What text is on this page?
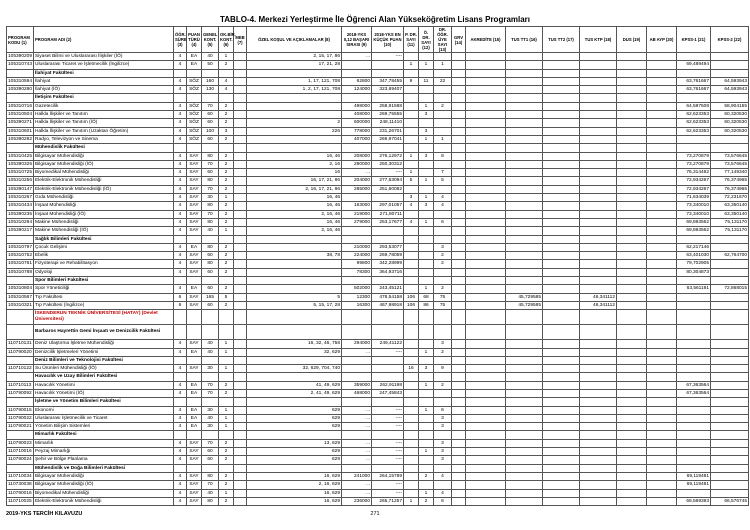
TABLO-4. Merkezi Yerleştirme İle Öğrenci Alan Yükseköğretim Lisans Programları
PROGRAM KODU (1)	PROGRAM ADI (2)	ÖĞR. SÜRE (3)	PUAN TÜRÜ (4)	GENEL KONT. (5)	OK.BİR. KONT. (6)	MEB (7)	ÖZEL KOŞUL VE AÇIKLAMALAR (8)	2018-YKS 0,12 BAŞARI SIRASI (9)	2018-YKS EN KÜÇÜK PUAN (10)	P. DR. SAYI (11)	Ö. DR. SAYI (12)	DR. ÖĞR. ÜYE SAYI (13)	GRV (14)	AKREDİTE (15)	TUS TT1 (16)	TUS TT2 (17)	TUS KTP (18)	DUS (19)	AB AYP (20)	KPSS-1 (21)	KPSS-2 (22)
105390209	Siyaset Bilimi ve Uluslararası İlişkiler (İÖ)	4	EA	40	1		2, 15, 17, 86	...	----												
105310743	Uluslararası Ticaret ve İşletmecilik (İngilizce)	4	EA	50	2		17, 21, 28			1	1	1								69,489494	
	İlahiyat Fakültesi																				
105310594	İlahiyat	4	SÖZ	160	4		1, 17, 121, 708	62800	347,78455	9	11	22								63,761667	64,593943
105390280	İlahiyat (İÖ)	4	SÖZ	130	4		1, 2, 17, 121, 708	124000	323,69407											63,761667	64,593943
	İletişim Fakültesi																				
105310716	Gazetecilik	4	SÖZ	70	2			498000	258,91588		1	2								64,587508	58,904155
105310504	Halkla İlişkiler ve Tanıtım	4	SÖZ	60	2			408000	269,75555		3									62,623353	60,320530
105390271	Halkla İlişkiler ve Tanıtım (İÖ)	4	SÖZ	60	2		2	600000	248,11410											62,623353	60,320530
105310601	Halkla İlişkiler ve Tanıtım (Uzaktan Öğretim)	4	SÖZ	100	3		226	778000	231,26701		3									62,623353	60,320530
105390282	Radyo, Televizyon ve Sinema	4	SÖZ	60	2			407000	269,97041		1	1									
	Mühendislik Fakültesi																				
105310425	Bilgisayar Mühendisliği	4	SAY	80	2		16, 46	208000	276,12972	1	3	8								73,270879	73,576645
105390325	Bilgisayar Mühendisliği (İÖ)	4	SAY	70	2		2, 16	290000	250,30312											73,270879	73,576645
105310725	Biyomedikal Mühendisliği	4	SAY	60	2		16	...	----	1		7								76,314482	77,149340
105310256	Elektrik-Elektronik Mühendisliği	4	SAY	80	2		16, 17, 21, 86	204000	277,63094	5	1	5								72,934267	76,374965
105390147	Elektrik-Elektronik Mühendisliği (İÖ)	4	SAY	70	2		2, 16, 17, 21, 86	285000	251,60082											72,934267	76,374965
105310267	Gıda Mühendisliği	4	SAY	30	1		16, 46			3	1	4								71,634039	72,231670
105310434	İnşaat Mühendisliği	4	SAY	80	2		16, 46	163000	297,01057	4	3	4								73,340010	63,350140
105390235	İnşaat Mühendisliği (İÖ)	4	SAY	70	2		2, 16, 46	219000	271,80711											73,340010	63,350140
105310294	Makine Mühendisliği	4	SAY	80	2		16, 46	279000	253,17677	4	1	6								69,893562	75,131170
105390217	Makine Mühendisliği (İÖ)	4	SAY	40	1		2, 16, 46													69,893562	75,131170
	Sağlık Bilimleri Fakültesi																				
105310797	Çocuk Gelişimi	4	EA	80	2			210000	293,53077			3								62,217146	
105310752	Ebelik	4	SAY	60	2		38, 78	224000	269,78059			2								63,401030	62,764700
105310761	Fizyoterapi ve Rehabilitasyon	4	SAY	80	2			99800	342,28999			2								79,702905	
105310788	Odyoloji	4	SAY	60	2			78300	364,93716											80,304873	
	Spor Bilimleri Fakültesi																				
105310804	Spor Yöneticiliği	4	EA	60	2			502000	243,45121		1	2								63,561191	72,868015
105310567	Tıp Fakültesi	6	SAY	165	5		5	12300	478,54158	106	68	75			45,729585		46,341112				
105310321	Tıp Fakültesi (İngilizce)	6	SAY	60	2		5, 15, 17, 28	16300	467,98918	106	86	75			45,729585		46,341112				
	İSKENDERUN TEKNİK ÜNİVERSİTESİ (HATAY) (Devlet Üniversitesi)																				
	Barbaros Hayrettin Gemi İnşaatı ve Denizcilik Fakültesi																				
110710131	Deniz Ulaştırma İşletme Mühendisliği	4	SAY	40	1		16, 32, 46, 758	294000	249,41122			3									
110790020	Denizcilik İşletmeleri Yönetimi	4	EA	40	1		32, 629	...	----		1	2									
	Deniz Bilimleri ve Teknolojisi Fakültesi																				
110710122	Su Ürünleri Mühendisliği (İÖ)	4	SAY	30	1		32, 629, 704, 740			16	3	9									
	Havacılık ve Uzay Bilimleri Fakültesi																				
110710113	Havacılık Yönetimi	4	EA	70	2		41, 49, 629	359000	262,91198		1	2								67,363564	
110790092	Havacılık Yönetimi (İÖ)	4	EA	70	2		2, 41, 49, 629	468000	247,45843											67,363564	
	İşletme ve Yönetim Bilimleri Fakültesi																				
110790015	Ekonomi	4	EA	30	1		629	...	----		1	6									
110790022	Uluslararası İşletmecilik ve Ticaret	4	EA	40	1		629	...	----			3									
110790021	Yönetim Bilişim Sistemleri	4	EA	30	1		629	...	----			3									
	Mimarlık Fakültesi																				
110790023	Mimarlık	4	SAY	70	2		13, 629	...	----			3									
110710016	Peyzaj Mimarlığı	4	SAY	60	2		629	...	----		1	3									
110790024	Şehir ve Bölge Planlama	4	SAY	60	2		629	...	----			3									
	Mühendislik ve Doğa Bilimleri Fakültesi																				
110710034	Bilgisayar Mühendisliği	4	SAY	80	2		16, 629	241000	264,15789		2	4								69,119481	
110730038	Bilgisayar Mühendisliği (İÖ)	4	SAY	70	2		2, 16, 629	...	----											69,119481	
110790016	Biyomedikal Mühendisliği	4	SAY	40	1		16, 629	...	----		1	4									
110710025	Elektrik-Elektronik Mühendisliği	4	SAY	80	2		16, 629	236000	265,71257	1	2	6								69,569393	66,576745
2019-YKS TERCİH KILAVUZU	271
